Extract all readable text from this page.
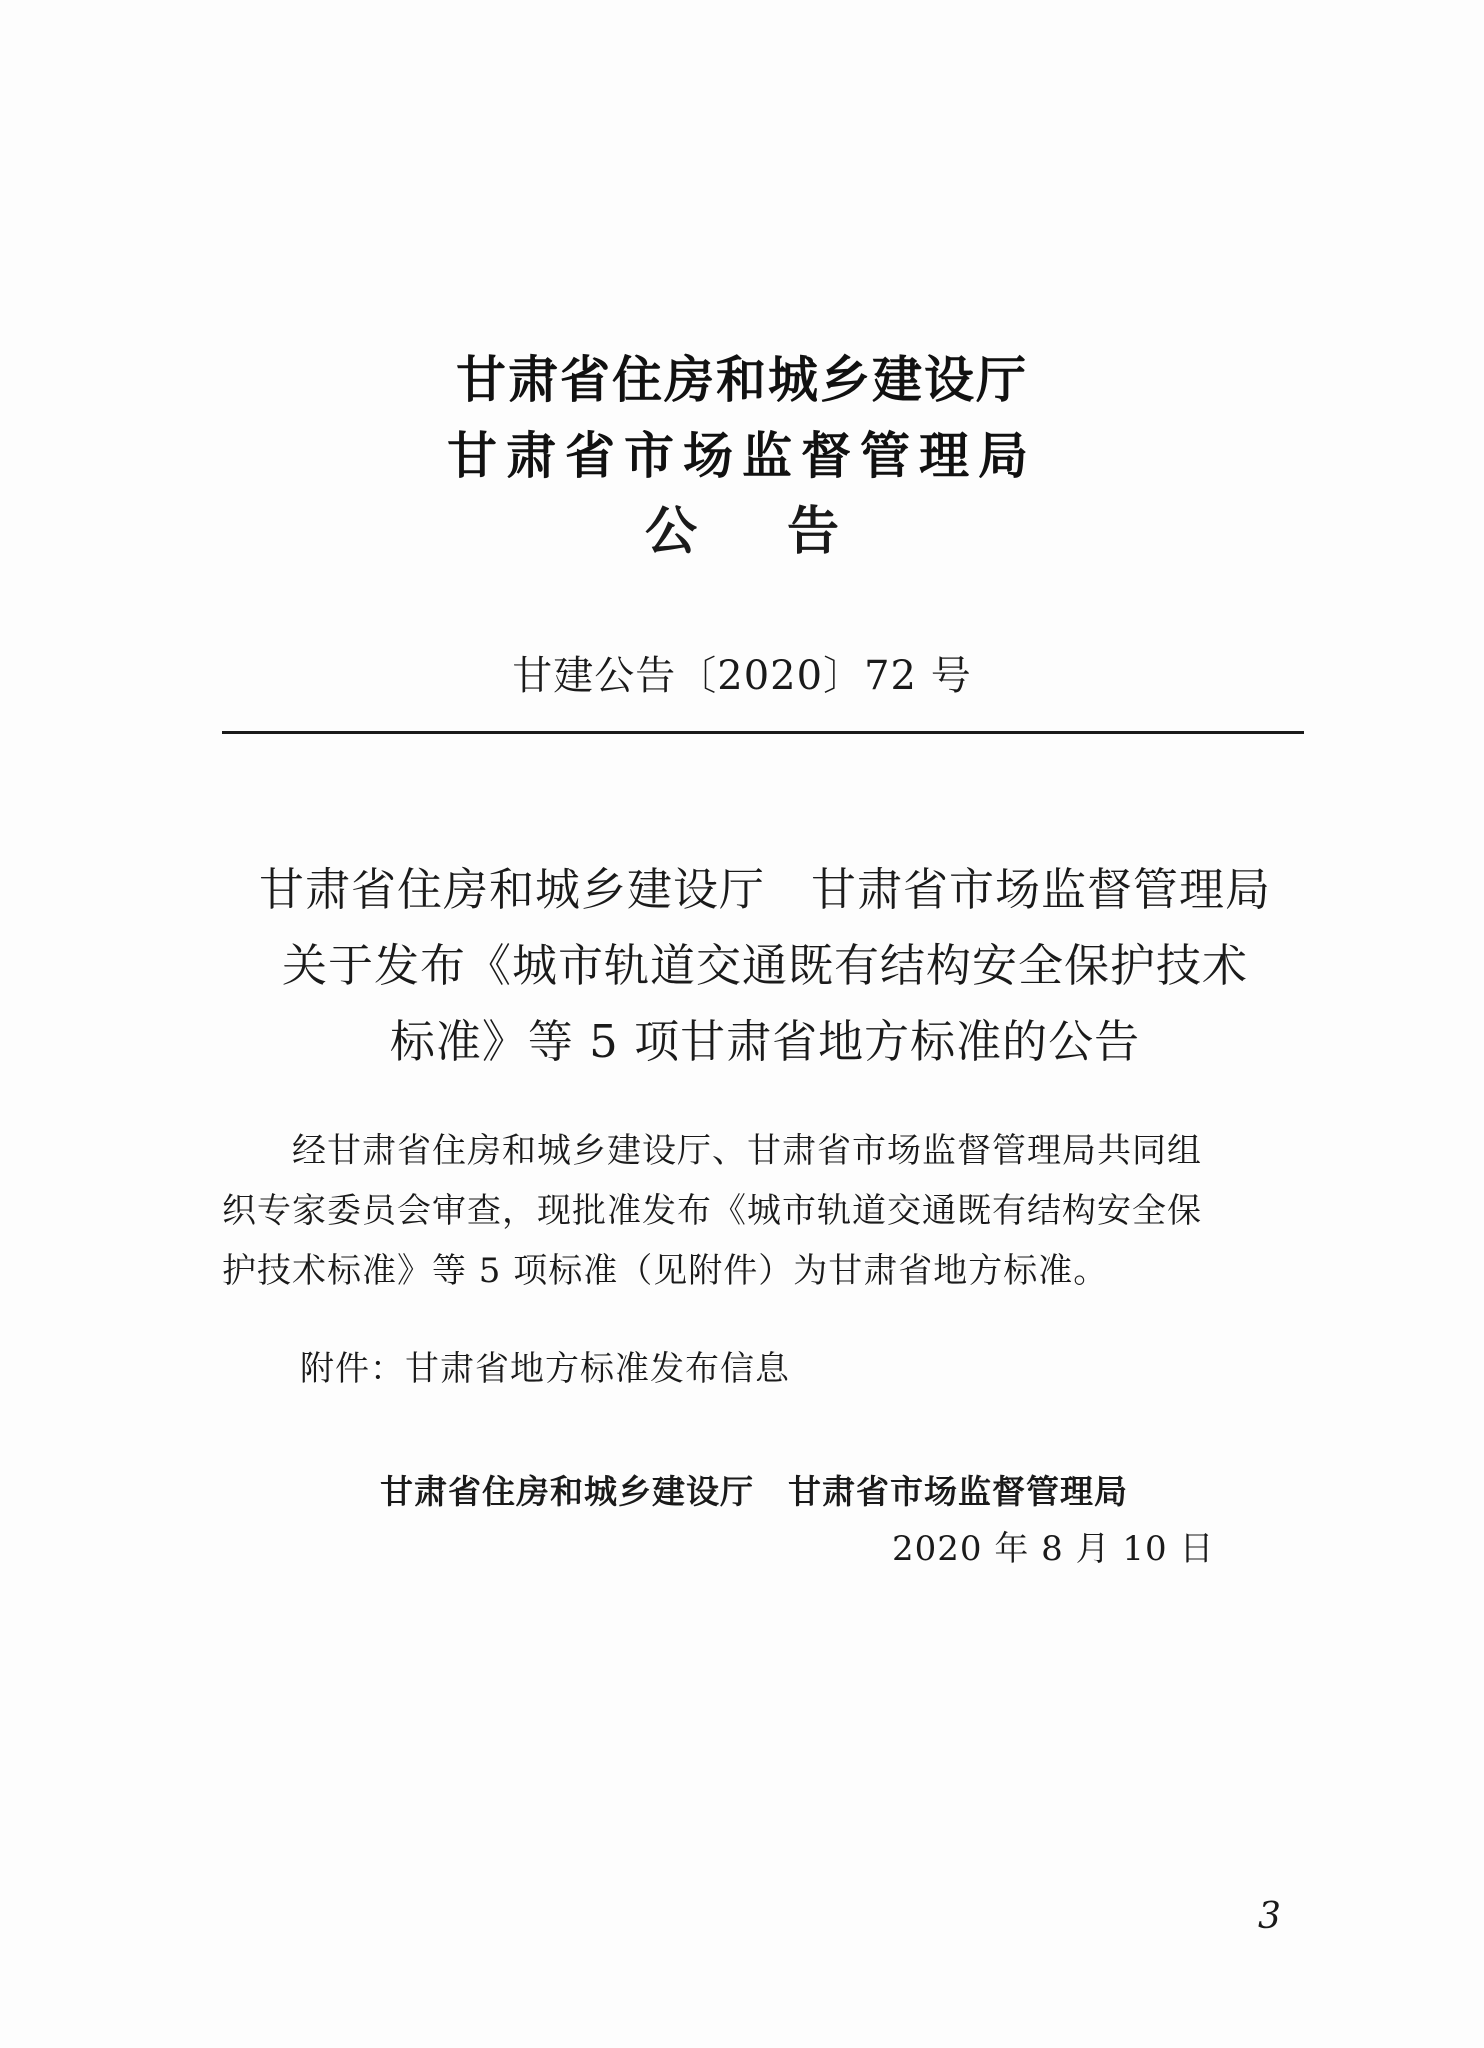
甘肃省住房和城乡建设厅
甘肃省市场监督管理局
公告
甘建公告〔2020〕72 号
甘肃省住房和城乡建设厅　甘肃省市场监督管理局
关于发布《城市轨道交通既有结构安全保护技术
标准》等 5 项甘肃省地方标准的公告
　　经甘肃省住房和城乡建设厅、甘肃省市场监督管理局共同组
织专家委员会审查，现批准发布《城市轨道交通既有结构安全保
护技术标准》等 5 项标准（见附件）为甘肃省地方标准。
附件：甘肃省地方标准发布信息
甘肃省住房和城乡建设厅　甘肃省市场监督管理局
2020 年 8 月 10 日
3
